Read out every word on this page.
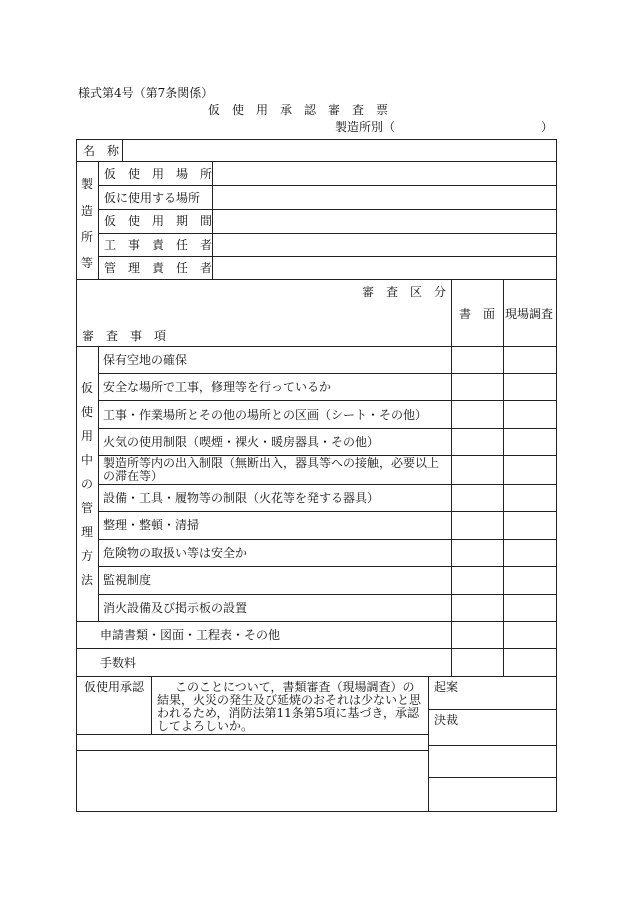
様式第4号（第7条関係）
仮　使　用　承　認　審　査　票
製造所別（	）
名　称
製
造
所
等
仮　使　用　場　所
仮に使用する場所
仮　使　用　期　間
工　事　責　任　者
管　理　責　任　者
審　査　区　分
審　査　事　項
書　面 現場調査
仮
使
用
中
の
管
理
方
法
保有空地の確保
安全な場所で工事，修理等を行っているか
工事・作業場所とその他の場所との区画（シート・その他）
火気の使用制限（喫煙・裸火・暖房器具・その他）
製造所等内の出入制限（無断出入，器具等への接触，必要以上の滞在等）
設備・工具・履物等の制限（火花等を発する器具）
整理・整頓・清掃
危険物の取扱い等は安全か
監視制度
消火設備及び掲示板の設置
申請書類・図面・工程表・その他
手数料
仮使用承認	このことについて，書類審査（現場調査）の結果，火災の発生及び延焼のおそれは少ないと思われるため，消防法第11条第5項に基づき，承認してよろしいか。
起案
決裁
